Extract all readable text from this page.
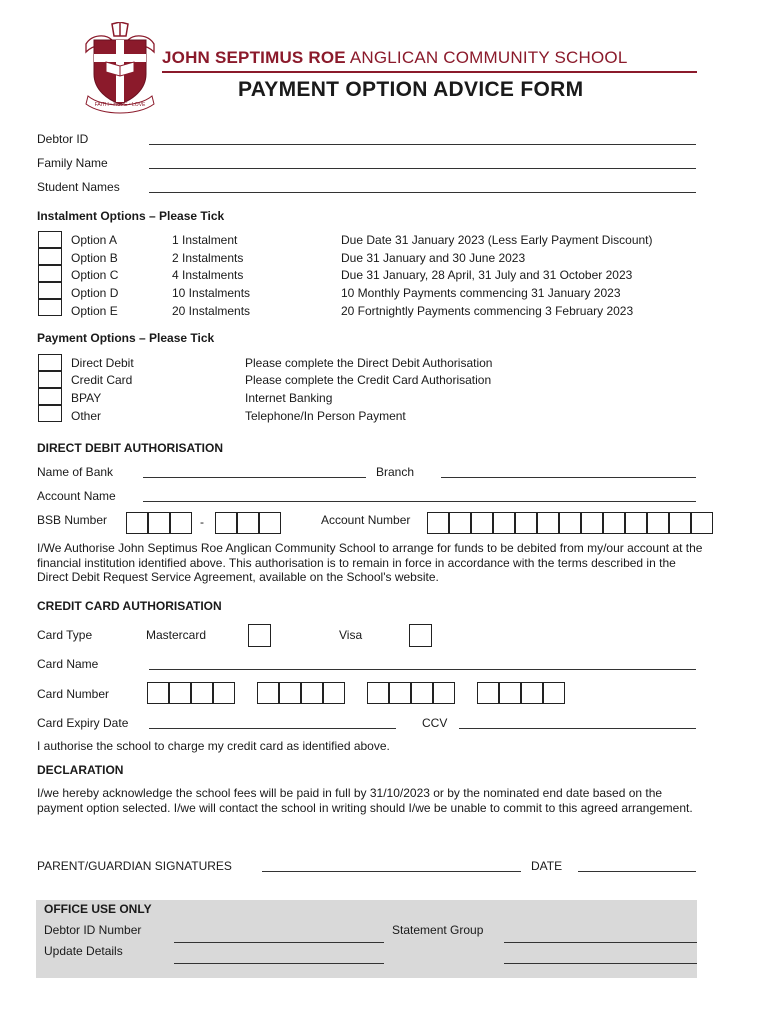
FAITH • HOPE • LOVE
JOHN SEPTIMUS ROE ANGLICAN COMMUNITY SCHOOL
PAYMENT OPTION ADVICE FORM
Debtor ID
Family Name
Student Names
Instalment Options – Please Tick
Option A	1 Instalment	Due Date 31 January 2023 (Less Early Payment Discount)
Option B	2 Instalments	Due 31 January and 30 June 2023
Option C	4 Instalments	Due 31 January, 28 April, 31 July and 31 October 2023
Option D	10 Instalments	10 Monthly Payments commencing 31 January 2023
Option E	20 Instalments	20 Fortnightly Payments commencing 3 February 2023
Payment Options – Please Tick
Direct Debit	Please complete the Direct Debit Authorisation
Credit Card	Please complete the Credit Card Authorisation
BPAY	Internet Banking
Other	Telephone/In Person Payment
DIRECT DEBIT AUTHORISATION
Name of Bank	Branch
Account Name
BSB Number	-	Account Number
I/We Authorise John Septimus Roe Anglican Community School to arrange for funds to be debited from my/our account at the financial institution identified above. This authorisation is to remain in force in accordance with the terms described in the Direct Debit Request Service Agreement, available on the School's website.
CREDIT CARD AUTHORISATION
Card Type	Mastercard	Visa
Card Name
Card Number
Card Expiry Date	CCV
I authorise the school to charge my credit card as identified above.
DECLARATION
I/we hereby acknowledge the school fees will be paid in full by 31/10/2023 or by the nominated end date based on the payment option selected. I/we will contact the school in writing should I/we be unable to commit to this agreed arrangement.
PARENT/GUARDIAN SIGNATURES	DATE
OFFICE USE ONLY
Debtor ID Number	Statement Group
Update Details
